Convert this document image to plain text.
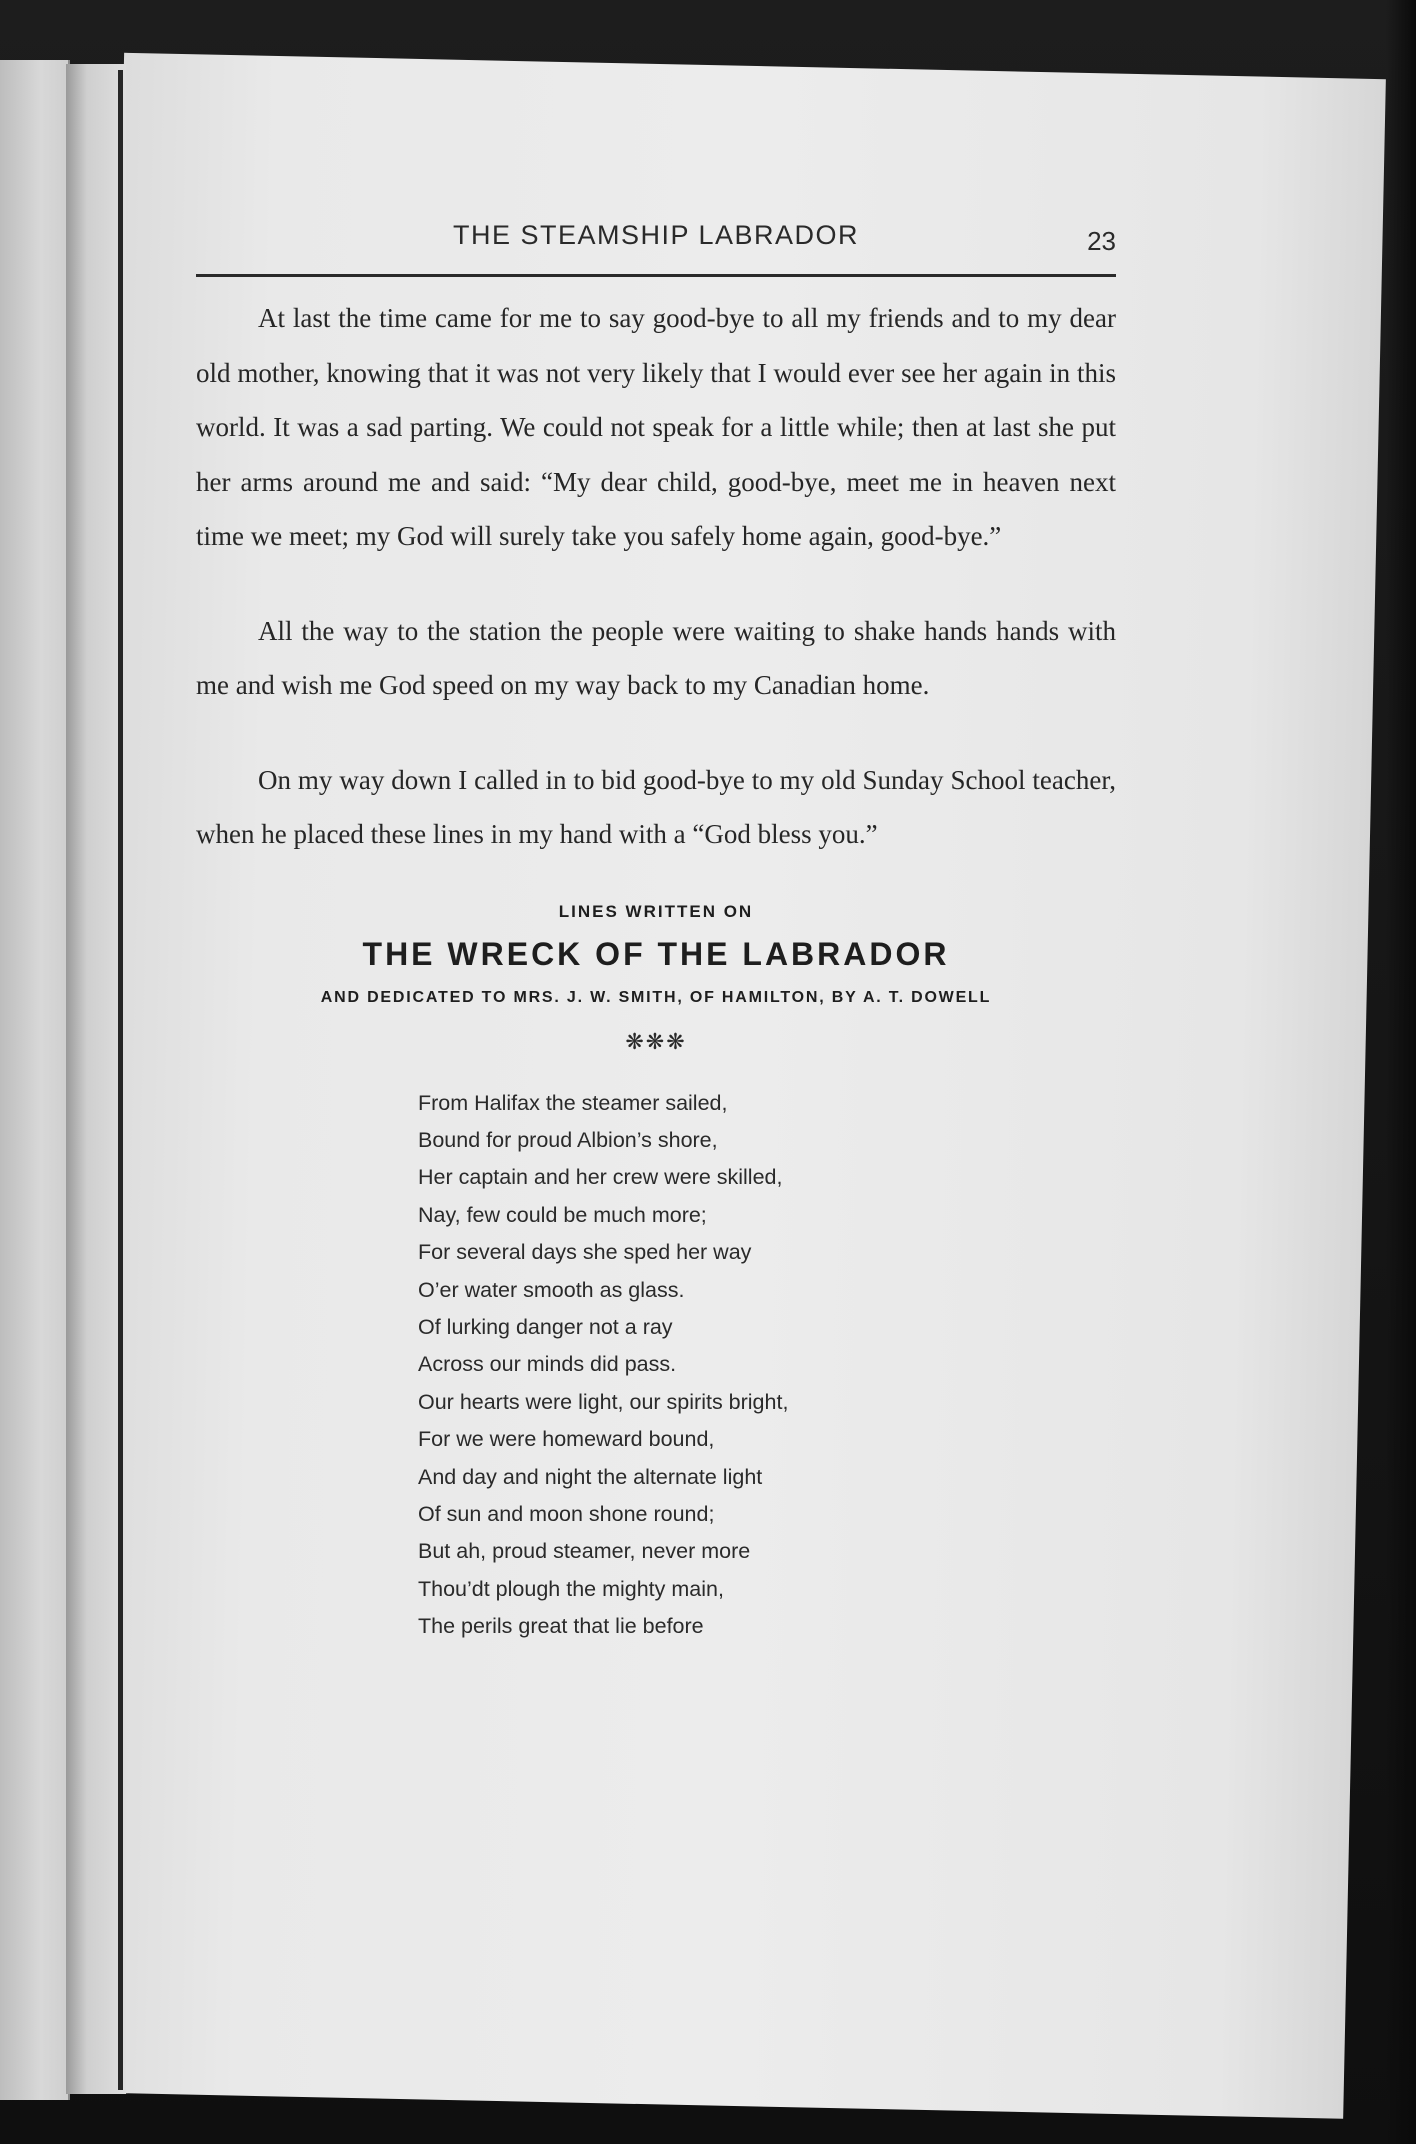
THE STEAMSHIP LABRADOR	23

At last the time came for me to say good-bye to all my friends and to my dear old mother, knowing that it was not very likely that I would ever see her again in this world. It was a sad parting. We could not speak for a little while; then at last she put her arms around me and said: “My dear child, good-bye, meet me in heaven next time we meet; my God will surely take you safely home again, good-bye.”

All the way to the station the people were waiting to shake hands hands with me and wish me God speed on my way back to my Canadian home.

On my way down I called in to bid good-bye to my old Sunday School teacher, when he placed these lines in my hand with a “God bless you.”

LINES WRITTEN ON
THE WRECK OF THE LABRADOR
AND DEDICATED TO MRS. J. W. SMITH, OF HAMILTON, BY A. T. DOWELL
❋❋❋
From Halifax the steamer sailed,
Bound for proud Albion’s shore,
Her captain and her crew were skilled,
Nay, few could be much more;
For several days she sped her way
O’er water smooth as glass.
Of lurking danger not a ray
Across our minds did pass.
Our hearts were light, our spirits bright,
For we were homeward bound,
And day and night the alternate light
Of sun and moon shone round;
But ah, proud steamer, never more
Thou’dt plough the mighty main,
The perils great that lie before
